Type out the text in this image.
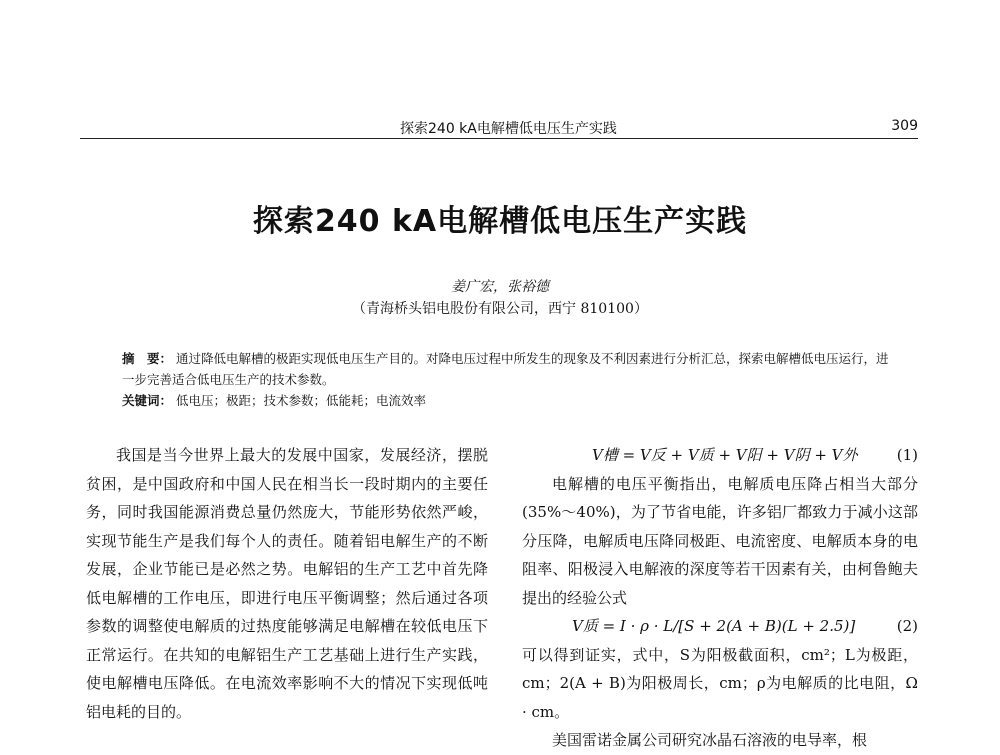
探索240 kA电解槽低电压生产实践	309
探索240 kA电解槽低电压生产实践
姜广宏，张裕德
（青海桥头铝电股份有限公司，西宁 810100）
摘　要： 通过降低电解槽的极距实现低电压生产目的。对降电压过程中所发生的现象及不利因素进行分析汇总，探索电解槽低电压运行，进一步完善适合低电压生产的技术参数。
关键词： 低电压；极距；技术参数；低能耗；电流效率

我国是当今世界上最大的发展中国家，发展经济，摆脱贫困，是中国政府和中国人民在相当长一段时期内的主要任务，同时我国能源消费总量仍然庞大，节能形势依然严峻，实现节能生产是我们每个人的责任。随着铝电解生产的不断发展，企业节能已是必然之势。电解铝的生产工艺中首先降低电解槽的工作电压，即进行电压平衡调整；然后通过各项参数的调整使电解质的过热度能够满足电解槽在较低电压下正常运行。在共知的电解铝生产工艺基础上进行生产实践，使电解槽电压降低。在电流效率影响不大的情况下实现低吨铝电耗的目的。

V槽 = V反 + V质 + V阳 + V阴 + V外	(1)

电解槽的电压平衡指出，电解质电压降占相当大部分(35%～40%)，为了节省电能，许多铝厂都致力于减小这部分压降，电解质电压降同极距、电流密度、电解质本身的电阻率、阳极浸入电解液的深度等若干因素有关，由柯鲁鲍夫提出的经验公式

V质 = I · ρ · L/[S + 2(A + B)(L + 2.5)]	(2)

可以得到证实，式中，S为阳极截面积，cm²；L为极距，cm；2(A + B)为阳极周长，cm；ρ为电解质的比电阻，Ω · cm。

美国雷诺金属公司研究冰晶石溶液的电导率，根
